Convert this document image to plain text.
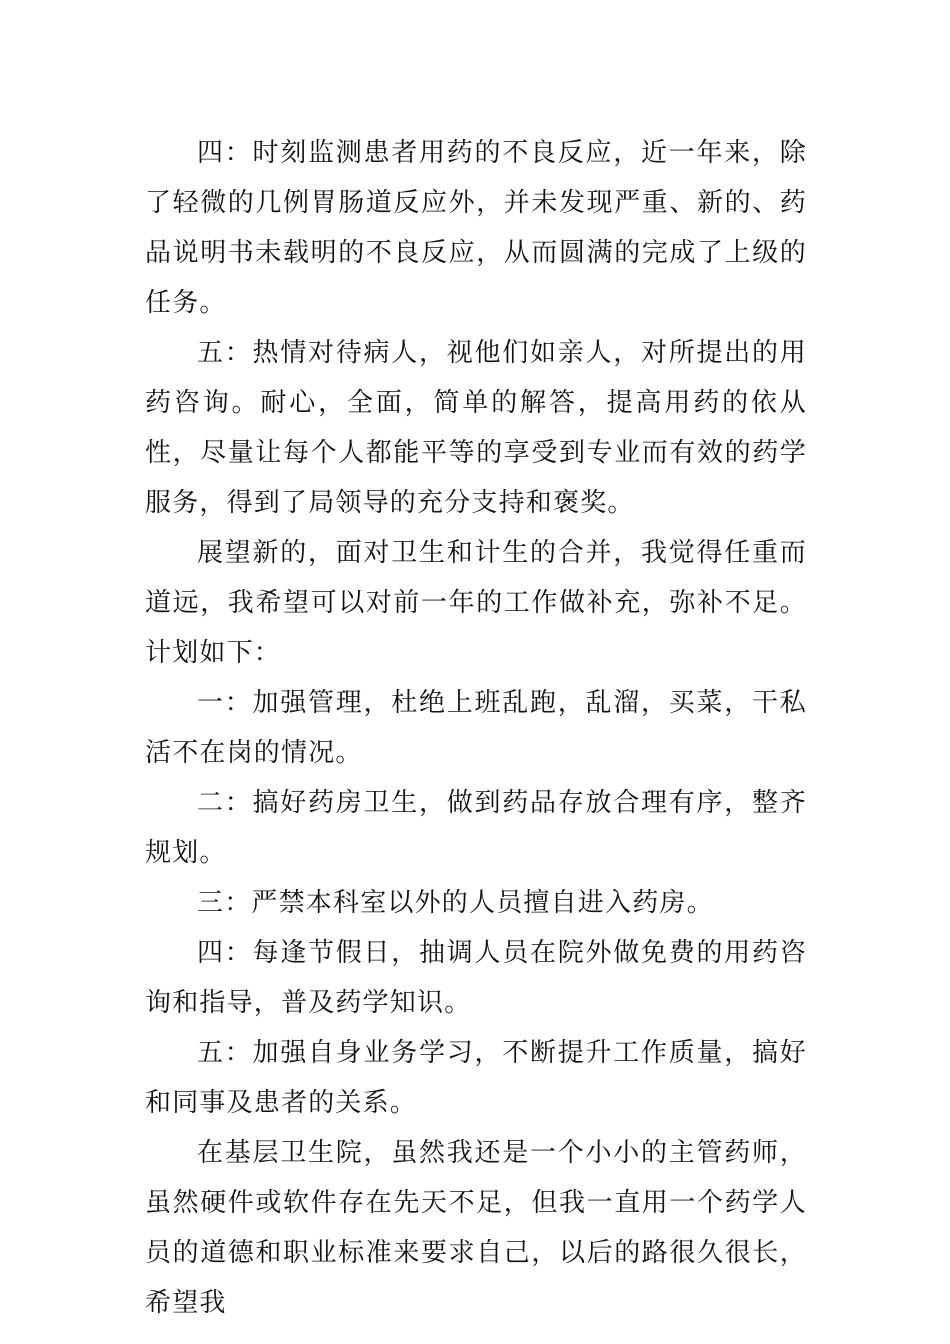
四：时刻监测患者用药的不良反应，近一年来，除了轻微的几例胃肠道反应外，并未发现严重、新的、药品说明书未载明的不良反应，从而圆满的完成了上级的任务。

五：热情对待病人，视他们如亲人，对所提出的用药咨询。耐心，全面，简单的解答，提高用药的依从性，尽量让每个人都能平等的享受到专业而有效的药学服务，得到了局领导的充分支持和褒奖。

展望新的，面对卫生和计生的合并，我觉得任重而道远，我希望可以对前一年的工作做补充，弥补不足。计划如下：

一：加强管理，杜绝上班乱跑，乱溜，买菜，干私活不在岗的情况。

二：搞好药房卫生，做到药品存放合理有序，整齐规划。

三：严禁本科室以外的人员擅自进入药房。

四：每逢节假日，抽调人员在院外做免费的用药咨询和指导，普及药学知识。

五：加强自身业务学习，不断提升工作质量，搞好和同事及患者的关系。

在基层卫生院，虽然我还是一个小小的主管药师，虽然硬件或软件存在先天不足，但我一直用一个药学人员的道德和职业标准来要求自己，以后的路很久很长，希望我
